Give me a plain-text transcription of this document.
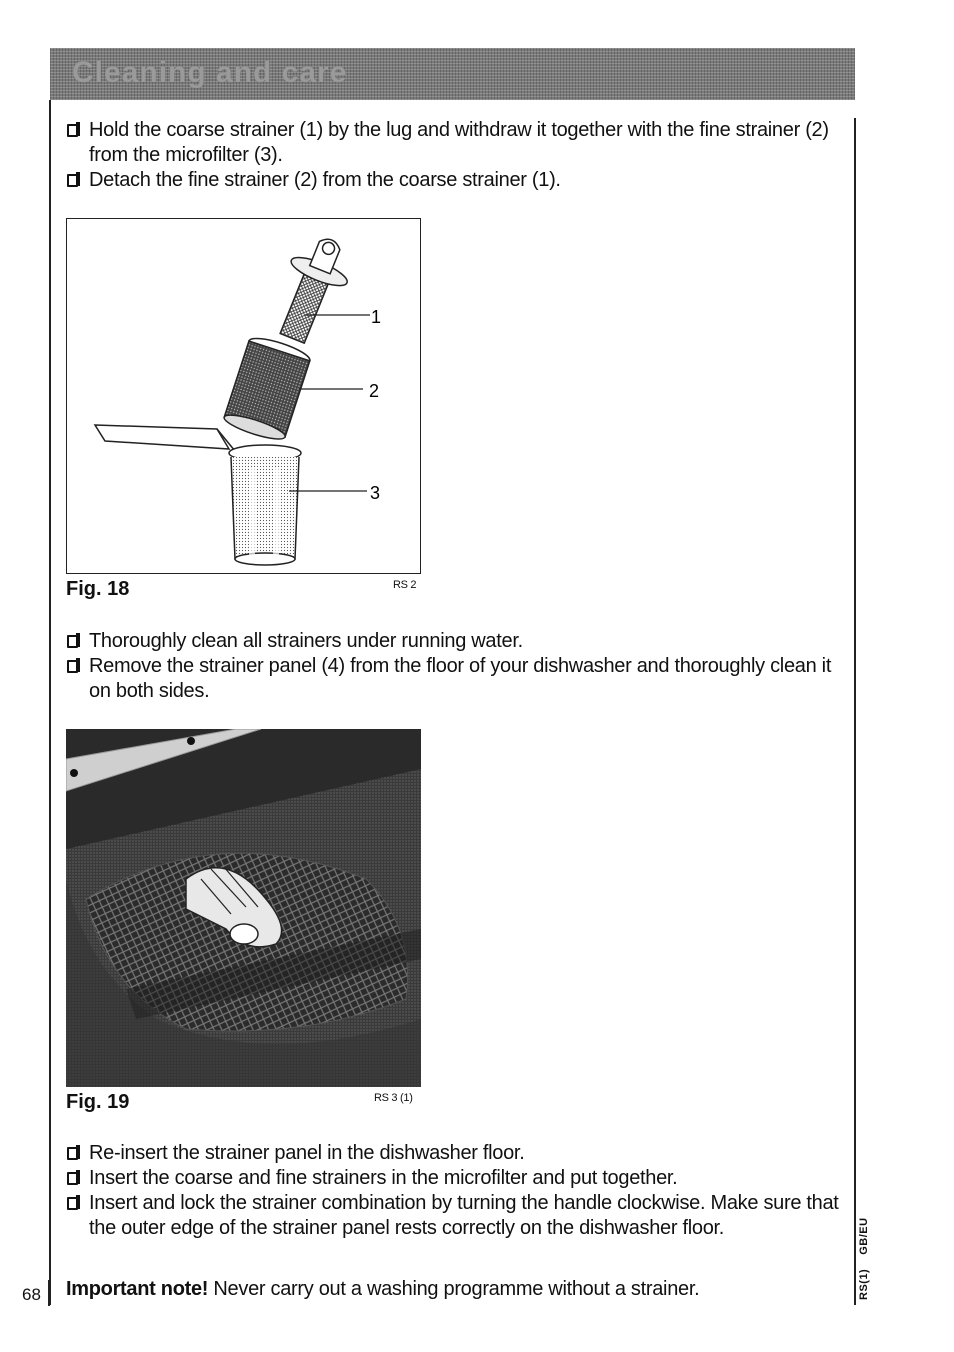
Cleaning and care
Hold the coarse strainer (1) by the lug and withdraw it together with the fine strainer (2) from the microfilter (3).
Detach the fine strainer (2) from the coarse strainer (1).
1
2
3
Fig. 18	RS 2
Thoroughly clean all strainers under running water.
Remove the strainer panel (4) from the floor of your dishwasher and thoroughly clean it on both sides.
Fig. 19	RS 3 (1)
Re-insert the strainer panel in the dishwasher floor.
Insert the coarse and fine strainers in the microfilter and put together.
Insert and lock the strainer combination by turning the handle clockwise. Make sure that the outer edge of the strainer panel rests correctly on the dishwasher floor.
Important note! Never carry out a washing programme without a strainer.
68	RS(1)GB/EU
